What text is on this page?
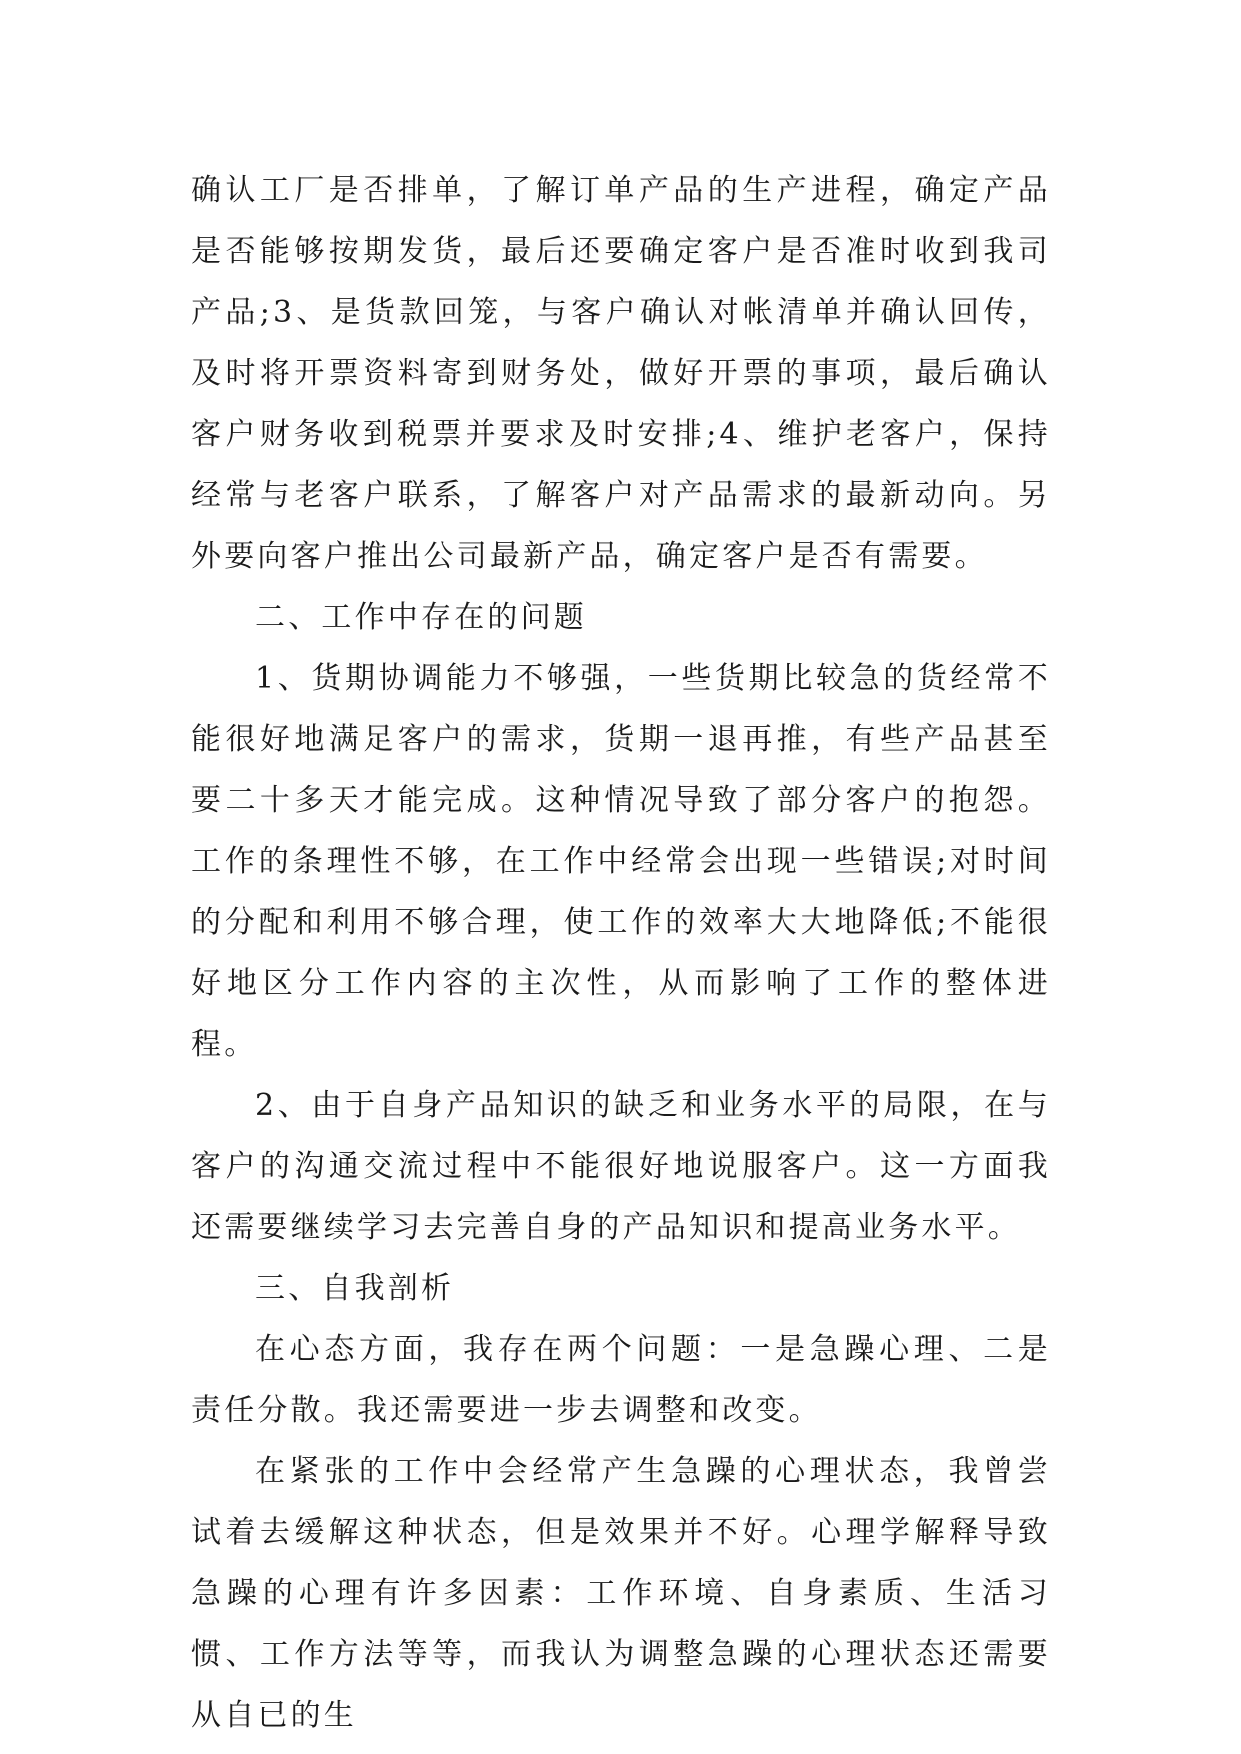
确认工厂是否排单，了解订单产品的生产进程，确定产品是否能够按期发货，最后还要确定客户是否准时收到我司产品;3、是货款回笼，与客户确认对帐清单并确认回传，及时将开票资料寄到财务处，做好开票的事项，最后确认客户财务收到税票并要求及时安排;4、维护老客户，保持经常与老客户联系，了解客户对产品需求的最新动向。另外要向客户推出公司最新产品，确定客户是否有需要。

二、工作中存在的问题

1、货期协调能力不够强，一些货期比较急的货经常不能很好地满足客户的需求，货期一退再推，有些产品甚至要二十多天才能完成。这种情况导致了部分客户的抱怨。工作的条理性不够，在工作中经常会出现一些错误;对时间的分配和利用不够合理，使工作的效率大大地降低;不能很好地区分工作内容的主次性，从而影响了工作的整体进程。

2、由于自身产品知识的缺乏和业务水平的局限，在与客户的沟通交流过程中不能很好地说服客户。这一方面我还需要继续学习去完善自身的产品知识和提高业务水平。

三、自我剖析

在心态方面，我存在两个问题：一是急躁心理、二是责任分散。我还需要进一步去调整和改变。

在紧张的工作中会经常产生急躁的心理状态，我曾尝试着去缓解这种状态，但是效果并不好。心理学解释导致急躁的心理有许多因素：工作环境、自身素质、生活习惯、工作方法等等，而我认为调整急躁的心理状态还需要从自已的生
